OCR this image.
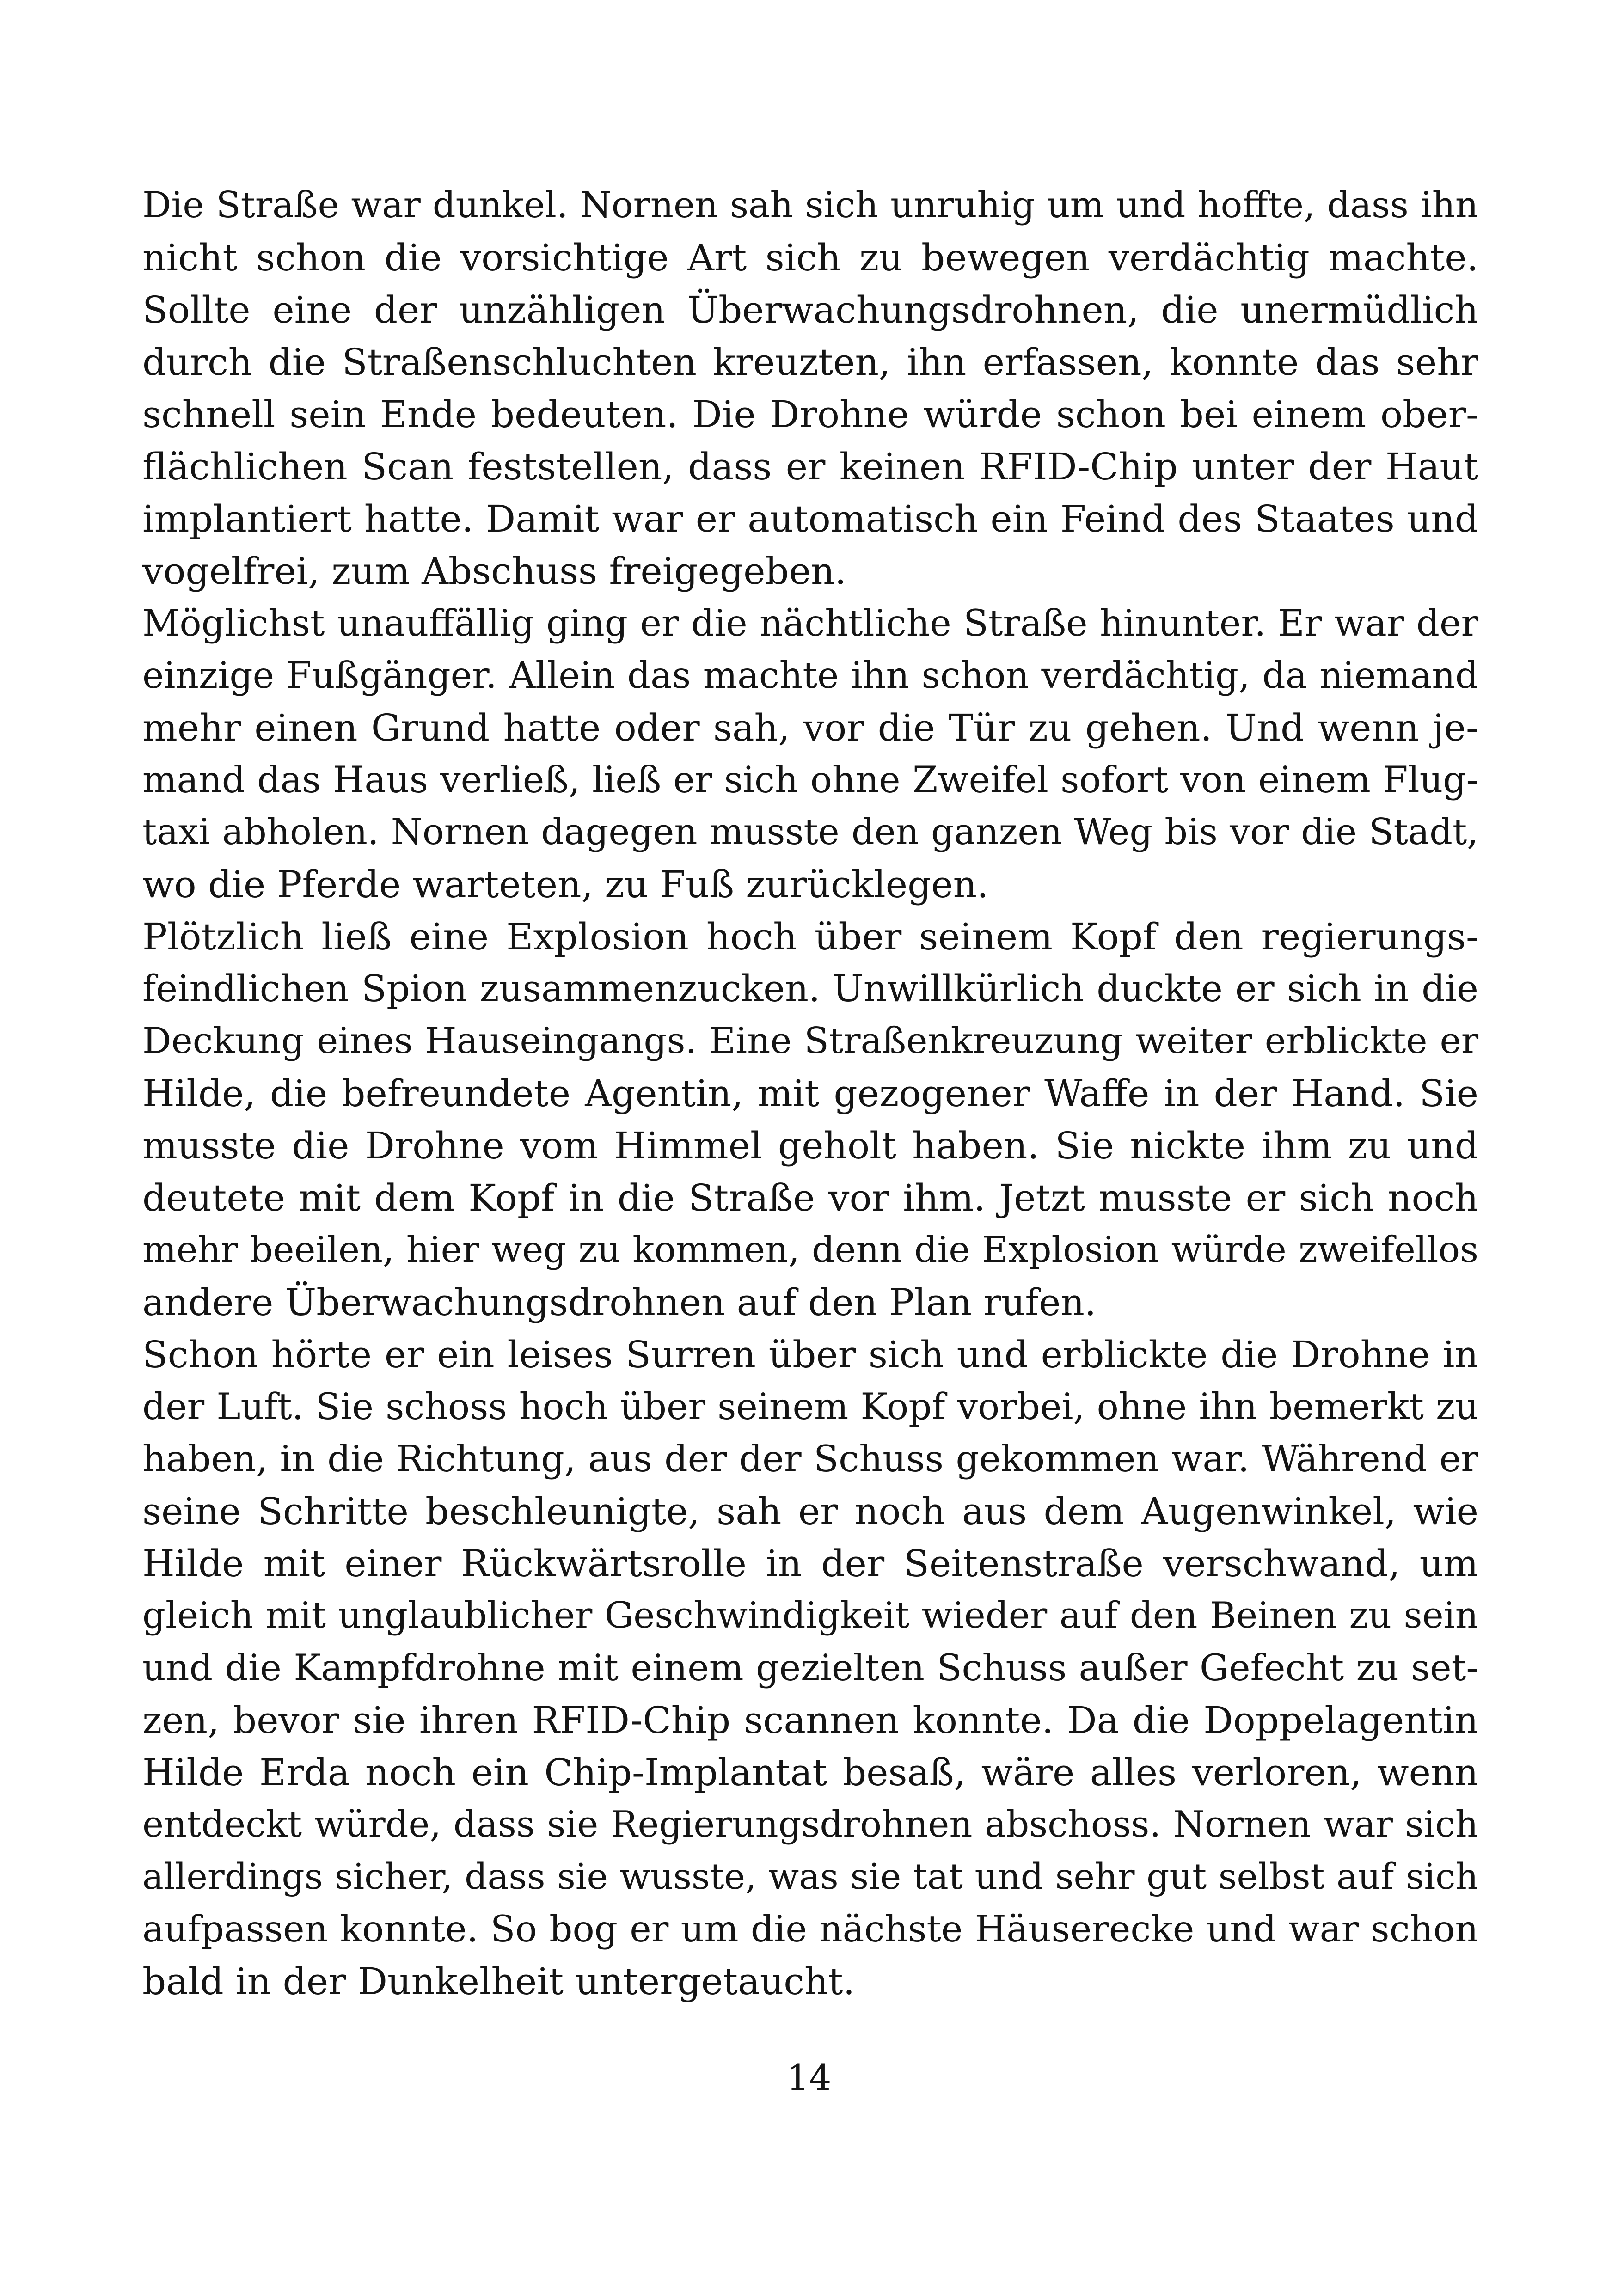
Die Straße war dunkel. Nornen sah sich unruhig um und hoffte, dass ihn
nicht schon die vorsichtige Art sich zu bewegen verdächtig machte.
Sollte eine der unzähligen Überwachungsdrohnen, die unermüdlich
durch die Straßenschluchten kreuzten, ihn erfassen, konnte das sehr
schnell sein Ende bedeuten. Die Drohne würde schon bei einem ober-
flächlichen Scan feststellen, dass er keinen RFID-Chip unter der Haut
implantiert hatte. Damit war er automatisch ein Feind des Staates und
vogelfrei, zum Abschuss freigegeben.

Möglichst unauffällig ging er die nächtliche Straße hinunter. Er war der
einzige Fußgänger. Allein das machte ihn schon verdächtig, da niemand
mehr einen Grund hatte oder sah, vor die Tür zu gehen. Und wenn je-
mand das Haus verließ, ließ er sich ohne Zweifel sofort von einem Flug-
taxi abholen. Nornen dagegen musste den ganzen Weg bis vor die Stadt,
wo die Pferde warteten, zu Fuß zurücklegen.

Plötzlich ließ eine Explosion hoch über seinem Kopf den regierungs-
feindlichen Spion zusammenzucken. Unwillkürlich duckte er sich in die
Deckung eines Hauseingangs. Eine Straßenkreuzung weiter erblickte er
Hilde, die befreundete Agentin, mit gezogener Waffe in der Hand. Sie
musste die Drohne vom Himmel geholt haben. Sie nickte ihm zu und
deutete mit dem Kopf in die Straße vor ihm. Jetzt musste er sich noch
mehr beeilen, hier weg zu kommen, denn die Explosion würde zweifellos
andere Überwachungsdrohnen auf den Plan rufen.

Schon hörte er ein leises Surren über sich und erblickte die Drohne in
der Luft. Sie schoss hoch über seinem Kopf vorbei, ohne ihn bemerkt zu
haben, in die Richtung, aus der der Schuss gekommen war. Während er
seine Schritte beschleunigte, sah er noch aus dem Augenwinkel, wie
Hilde mit einer Rückwärtsrolle in der Seitenstraße verschwand, um
gleich mit unglaublicher Geschwindigkeit wieder auf den Beinen zu sein
und die Kampfdrohne mit einem gezielten Schuss außer Gefecht zu set-
zen, bevor sie ihren RFID-Chip scannen konnte. Da die Doppelagentin
Hilde Erda noch ein Chip-Implantat besaß, wäre alles verloren, wenn
entdeckt würde, dass sie Regierungsdrohnen abschoss. Nornen war sich
allerdings sicher, dass sie wusste, was sie tat und sehr gut selbst auf sich
aufpassen konnte. So bog er um die nächste Häuserecke und war schon
bald in der Dunkelheit untergetaucht.

14
